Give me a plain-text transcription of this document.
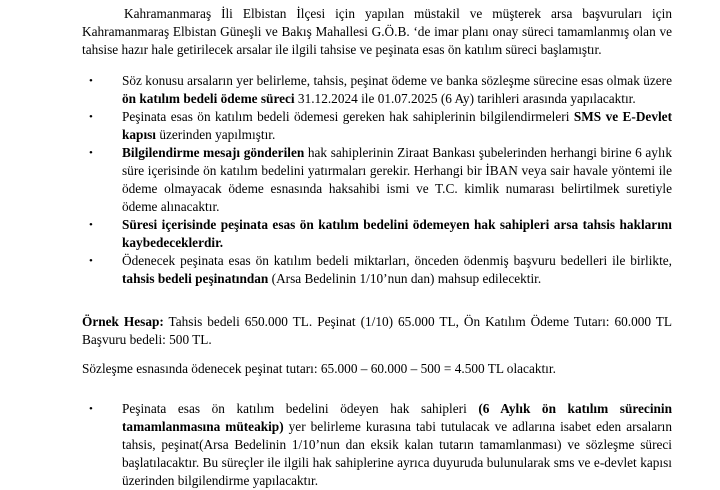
Kahramanmaraş İli Elbistan İlçesi için yapılan müstakil ve müşterek arsa başvuruları için Kahramanmaraş Elbistan Güneşli ve Bakış Mahallesi G.Ö.B. ‘de imar planı onay süreci tamamlanmış olan ve tahsise hazır hale getirilecek arsalar ile ilgili tahsise ve peşinata esas ön katılım süreci başlamıştır.

• Söz konusu arsaların yer belirleme, tahsis, peşinat ödeme ve banka sözleşme sürecine esas olmak üzere ön katılım bedeli ödeme süreci 31.12.2024 ile 01.07.2025 (6 Ay) tarihleri arasında yapılacaktır.
• Peşinata esas ön katılım bedeli ödemesi gereken hak sahiplerinin bilgilendirmeleri SMS ve E-Devlet kapısı üzerinden yapılmıştır.
• Bilgilendirme mesajı gönderilen hak sahiplerinin Ziraat Bankası şubelerinden herhangi birine 6 aylık süre içerisinde ön katılım bedelini yatırmaları gerekir. Herhangi bir İBAN veya sair havale yöntemi ile ödeme olmayacak ödeme esnasında haksahibi ismi ve T.C. kimlik numarası belirtilmek suretiyle ödeme alınacaktır.
• Süresi içerisinde peşinata esas ön katılım bedelini ödemeyen hak sahipleri arsa tahsis haklarını kaybedeceklerdir.
• Ödenecek peşinata esas ön katılım bedeli miktarları, önceden ödenmiş başvuru bedelleri ile birlikte, tahsis bedeli peşinatından (Arsa Bedelinin 1/10’nun dan) mahsup edilecektir.

Örnek Hesap: Tahsis bedeli 650.000 TL. Peşinat (1/10) 65.000 TL, Ön Katılım Ödeme Tutarı: 60.000 TL Başvuru bedeli: 500 TL.

Sözleşme esnasında ödenecek peşinat tutarı: 65.000 – 60.000 – 500 = 4.500 TL olacaktır.

• Peşinata esas ön katılım bedelini ödeyen hak sahipleri (6 Aylık ön katılım sürecinin tamamlanmasına müteakip) yer belirleme kurasına tabi tutulacak ve adlarına isabet eden arsaların tahsis, peşinat(Arsa Bedelinin 1/10’nun dan eksik kalan tutarın tamamlanması) ve sözleşme süreci başlatılacaktır. Bu süreçler ile ilgili hak sahiplerine ayrıca duyuruda bulunularak sms ve e-devlet kapısı üzerinden bilgilendirme yapılacaktır.
